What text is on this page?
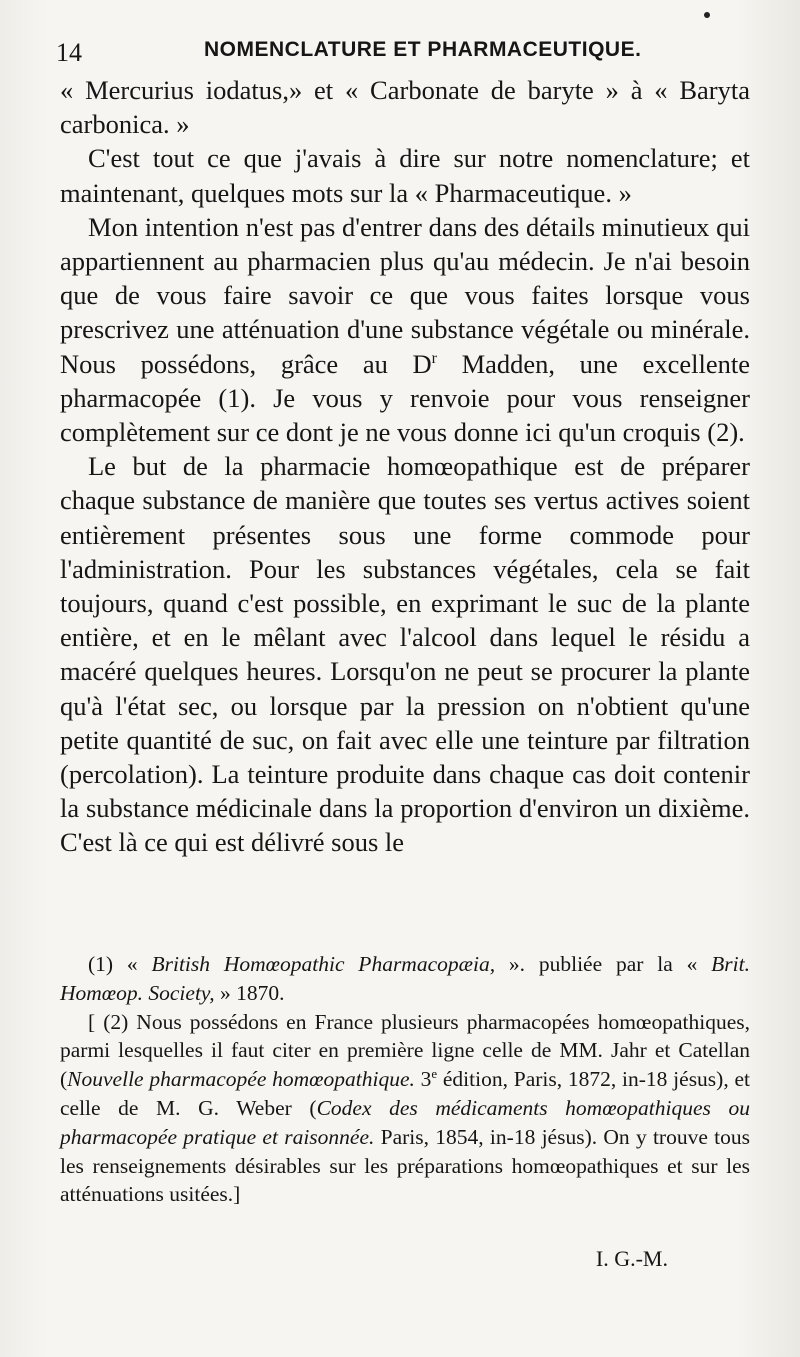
14	NOMENCLATURE ET PHARMACEUTIQUE.

« Mercurius iodatus,» et « Carbonate de baryte » à « Baryta carbonica. »

C'est tout ce que j'avais à dire sur notre nomenclature; et maintenant, quelques mots sur la « Pharmaceutique. »

Mon intention n'est pas d'entrer dans des détails minutieux qui appartiennent au pharmacien plus qu'au médecin. Je n'ai besoin que de vous faire savoir ce que vous faites lorsque vous prescrivez une atténuation d'une substance végétale ou minérale. Nous possédons, grâce au $D^r$ Madden, une excellente pharmacopée (1). Je vous y renvoie pour vous renseigner complètement sur ce dont je ne vous donne ici qu'un croquis (2).

Le but de la pharmacie homœopathique est de préparer chaque substance de manière que toutes ses vertus actives soient entièrement présentes sous une forme commode pour l'administration. Pour les substances végétales, cela se fait toujours, quand c'est possible, en exprimant le suc de la plante entière, et en le mêlant avec l'alcool dans lequel le résidu a macéré quelques heures. Lorsqu'on ne peut se procurer la plante qu'à l'état sec, ou lorsque par la pression on n'obtient qu'une petite quantité de suc, on fait avec elle une teinture par filtration (percolation). La teinture produite dans chaque cas doit contenir la substance médicinale dans la proportion d'environ un dixième. C'est là ce qui est délivré sous le

(1) « British Homœopathic Pharmacopæia, ». publiée par la « Brit. Homœop. Society, » 1870.

[ (2) Nous possédons en France plusieurs pharmacopées homœopathiques, parmi lesquelles il faut citer en première ligne celle de MM. Jahr et Catellan (Nouvelle pharmacopée homœopathique. 3e édition, Paris, 1872, in-18 jésus), et celle de M. G. Weber (Codex des médicaments homœopathiques ou pharmacopée pratique et raisonnée. Paris, 1854, in-18 jésus). On y trouve tous les renseignements désirables sur les préparations homœopathiques et sur les atténuations usitées.]

I. G.-M.
